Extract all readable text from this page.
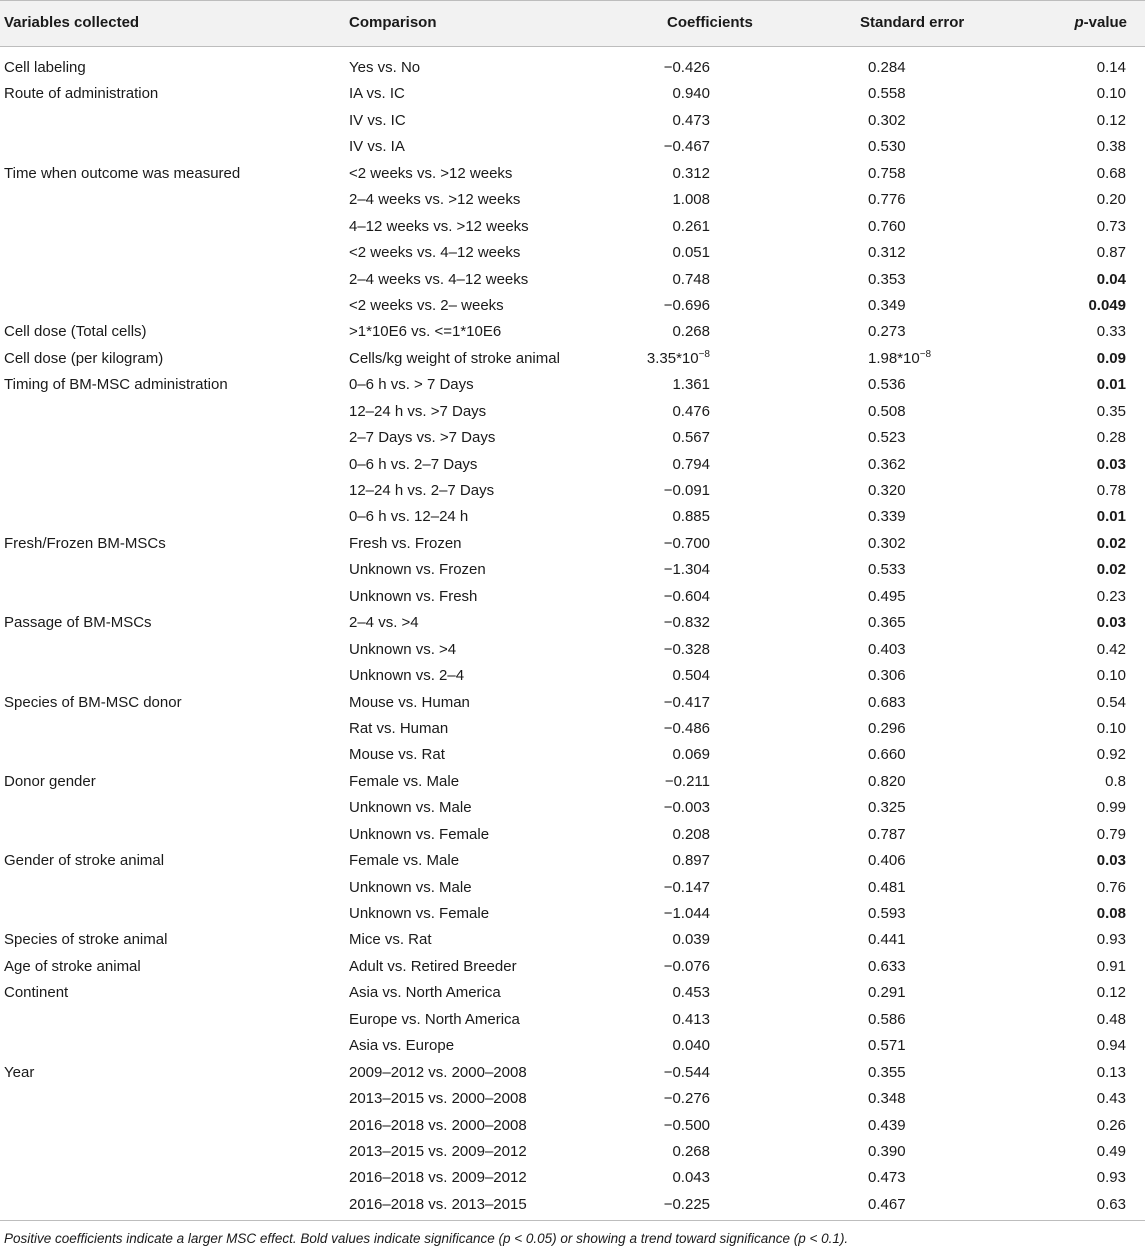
Variables collected	Comparison	Coefficients	Standard error	p-value
Cell labeling	Yes vs. No	−0.426	0.284	0.14
Route of administration	IA vs. IC	0.940	0.558	0.10
IV vs. IC	0.473	0.302	0.12
IV vs. IA	−0.467	0.530	0.38
Time when outcome was measured	<2 weeks vs. >12 weeks	0.312	0.758	0.68
2–4 weeks vs. >12 weeks	1.008	0.776	0.20
4–12 weeks vs. >12 weeks	0.261	0.760	0.73
<2 weeks vs. 4–12 weeks	0.051	0.312	0.87
2–4 weeks vs. 4–12 weeks	0.748	0.353	0.04
<2 weeks vs. 2– weeks	−0.696	0.349	0.049
Cell dose (Total cells)	>1*10E6 vs. <=1*10E6	0.268	0.273	0.33
Cell dose (per kilogram)	Cells/kg weight of stroke animal	$3.35*10^{-8}$	$1.98*10^{-8}$	0.09
Timing of BM-MSC administration	0–6 h vs. > 7 Days	1.361	0.536	0.01
12–24 h vs. >7 Days	0.476	0.508	0.35
2–7 Days vs. >7 Days	0.567	0.523	0.28
0–6 h vs. 2–7 Days	0.794	0.362	0.03
12–24 h vs. 2–7 Days	−0.091	0.320	0.78
0–6 h vs. 12–24 h	0.885	0.339	0.01
Fresh/Frozen BM-MSCs	Fresh vs. Frozen	−0.700	0.302	0.02
Unknown vs. Frozen	−1.304	0.533	0.02
Unknown vs. Fresh	−0.604	0.495	0.23
Passage of BM-MSCs	2–4 vs. >4	−0.832	0.365	0.03
Unknown vs. >4	−0.328	0.403	0.42
Unknown vs. 2–4	0.504	0.306	0.10
Species of BM-MSC donor	Mouse vs. Human	−0.417	0.683	0.54
Rat vs. Human	−0.486	0.296	0.10
Mouse vs. Rat	0.069	0.660	0.92
Donor gender	Female vs. Male	−0.211	0.820	0.8
Unknown vs. Male	−0.003	0.325	0.99
Unknown vs. Female	0.208	0.787	0.79
Gender of stroke animal	Female vs. Male	0.897	0.406	0.03
Unknown vs. Male	−0.147	0.481	0.76
Unknown vs. Female	−1.044	0.593	0.08
Species of stroke animal	Mice vs. Rat	0.039	0.441	0.93
Age of stroke animal	Adult vs. Retired Breeder	−0.076	0.633	0.91
Continent	Asia vs. North America	0.453	0.291	0.12
Europe vs. North America	0.413	0.586	0.48
Asia vs. Europe	0.040	0.571	0.94
Year	2009–2012 vs. 2000–2008	−0.544	0.355	0.13
2013–2015 vs. 2000–2008	−0.276	0.348	0.43
2016–2018 vs. 2000–2008	−0.500	0.439	0.26
2013–2015 vs. 2009–2012	0.268	0.390	0.49
2016–2018 vs. 2009–2012	0.043	0.473	0.93
2016–2018 vs. 2013–2015	−0.225	0.467	0.63
Positive coefficients indicate a larger MSC effect. Bold values indicate significance (p < 0.05) or showing a trend toward significance (p < 0.1).
